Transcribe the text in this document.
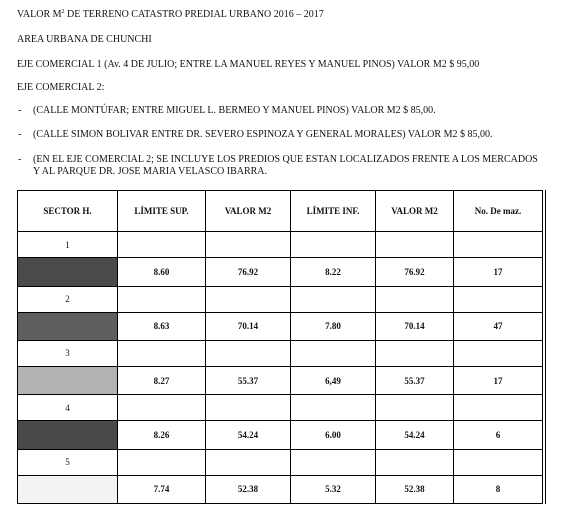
VALOR $M^2$ DE TERRENO CATASTRO PREDIAL URBANO 2016 – 2017
AREA URBANA DE CHUNCHI
EJE COMERCIAL 1 (Av. 4 DE JULIO; ENTRE LA MANUEL REYES Y MANUEL PINOS) VALOR M2 $ 95,00
EJE COMERCIAL 2:
- (CALLE MONTÚFAR; ENTRE MIGUEL L. BERMEO Y MANUEL PINOS) VALOR M2 $ 85,00.
- (CALLE SIMON BOLIVAR ENTRE DR. SEVERO ESPINOZA Y GENERAL MORALES) VALOR M2 $ 85,00.
- (EN EL EJE COMERCIAL 2; SE INCLUYE LOS PREDIOS QUE ESTAN LOCALIZADOS FRENTE A LOS MERCADOS
Y AL PARQUE DR. JOSE MARIA VELASCO IBARRA.
SECTOR H.	LÍMITE SUP.	VALOR M2	LÍMITE INF.	VALOR M2	No. De maz.
1					
	8.60	76.92	8.22	76.92	17
2					
	8.63	70.14	7.80	70.14	47
3					
	8.27	55.37	6,49	55.37	17
4					
	8.26	54.24	6.00	54.24	6
5					
	7.74	52.38	5.32	52.38	8
